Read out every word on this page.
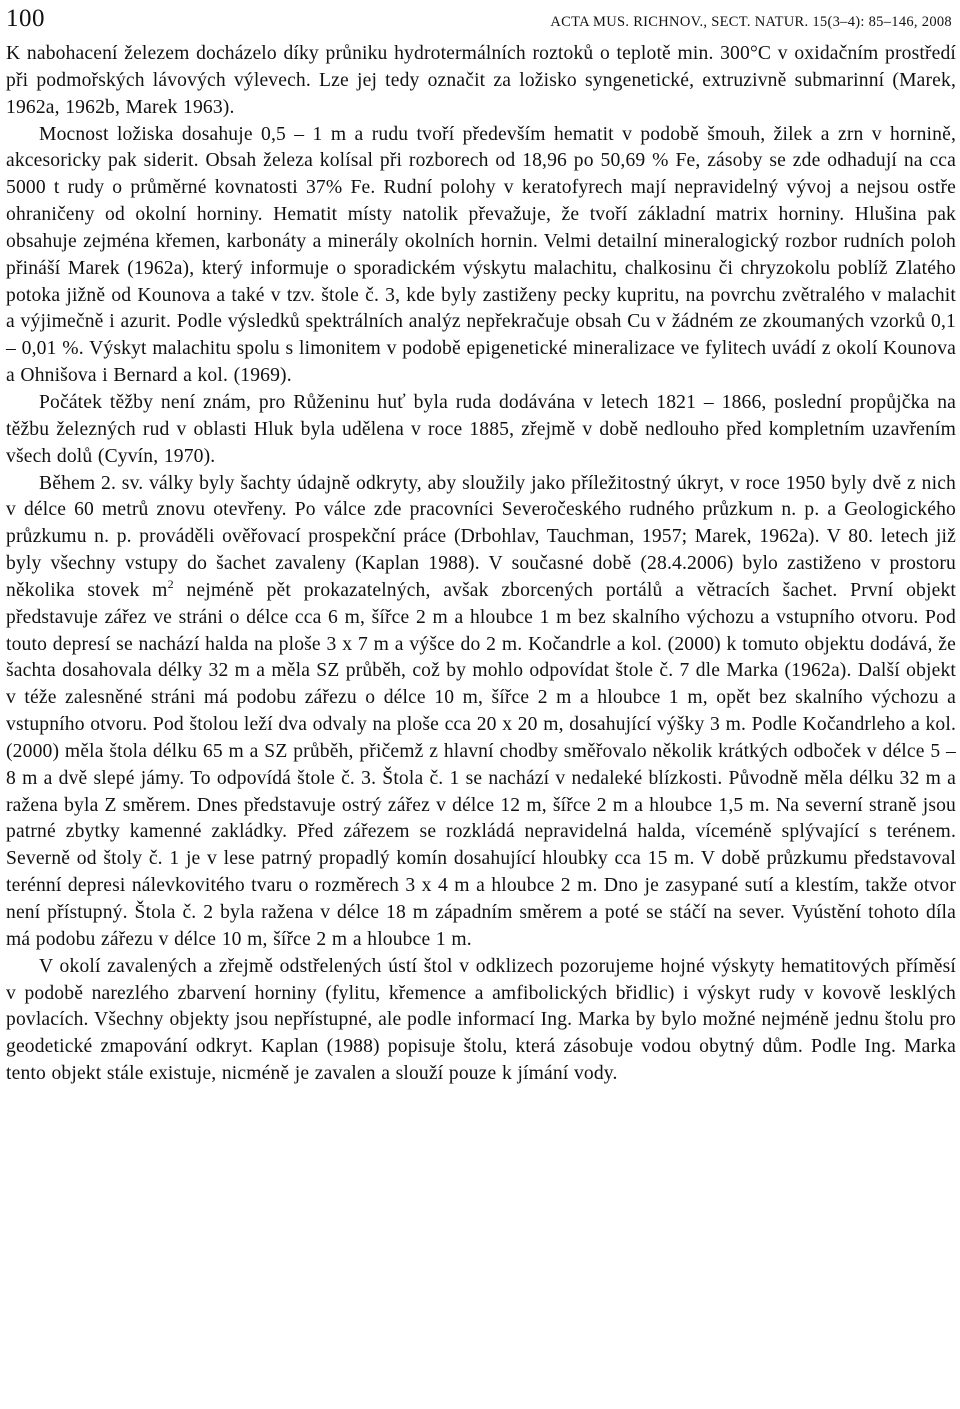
100	ACTA MUS. RICHNOV., SECT. NATUR. 15(3–4): 85–146, 2008

K nabohacení železem docházelo díky průniku hydrotermálních roztoků o teplotě min. 300°C v oxidačním prostředí při podmořských lávových výlevech. Lze jej tedy označit za ložisko syngenetické, extruzivně submarinní (Marek, 1962a, 1962b, Marek 1963).

Mocnost ložiska dosahuje 0,5 – 1 m a rudu tvoří především hematit v podobě šmouh, žilek a zrn v hornině, akcesoricky pak siderit. Obsah železa kolísal při rozborech od 18,96 po 50,69 % Fe, zásoby se zde odhadují na cca 5000 t rudy o průměrné kovnatosti 37% Fe. Rudní polohy v keratofyrech mají nepravidelný vývoj a nejsou ostře ohraničeny od okolní horniny. Hematit místy natolik převažuje, že tvoří základní matrix horniny. Hlušina pak obsahuje zejména křemen, karbonáty a minerály okolních hornin. Velmi detailní mineralogický rozbor rudních poloh přináší Marek (1962a), který informuje o sporadickém výskytu malachitu, chalkosinu či chryzokolu poblíž Zlatého potoka jižně od Kounova a také v tzv. štole č. 3, kde byly zastiženy pecky kupritu, na povrchu zvětralého v malachit a výjimečně i azurit. Podle výsledků spektrálních analýz nepřekračuje obsah Cu v žádném ze zkoumaných vzorků 0,1 – 0,01 %. Výskyt malachitu spolu s limonitem v podobě epigenetické mineralizace ve fylitech uvádí z okolí Kounova a Ohnišova i Bernard a kol. (1969).

Počátek těžby není znám, pro Růženinu huť byla ruda dodávána v letech 1821 – 1866, poslední propůjčka na těžbu železných rud v oblasti Hluk byla udělena v roce 1885, zřejmě v době nedlouho před kompletním uzavřením všech dolů (Cyvín, 1970).

Během 2. sv. války byly šachty údajně odkryty, aby sloužily jako příležitostný úkryt, v roce 1950 byly dvě z nich v délce 60 metrů znovu otevřeny. Po válce zde pracovníci Severočeského rudného průzkum n. p. a Geologického průzkumu n. p. prováděli ověřovací prospekční práce (Drbohlav, Tauchman, 1957; Marek, 1962a). V 80. letech již byly všechny vstupy do šachet zavaleny (Kaplan 1988). V současné době (28.4.2006) bylo zastiženo v prostoru několika stovek $m^2$ nejméně pět prokazatelných, avšak zborcených portálů a větracích šachet. První objekt představuje zářez ve stráni o délce cca 6 m, šířce 2 m a hloubce 1 m bez skalního výchozu a vstupního otvoru. Pod touto depresí se nachází halda na ploše 3 x 7 m a výšce do 2 m. Kočandrle a kol. (2000) k tomuto objektu dodává, že šachta dosahovala délky 32 m a měla SZ průběh, což by mohlo odpovídat štole č. 7 dle Marka (1962a). Další objekt v téže zalesněné stráni má podobu zářezu o délce 10 m, šířce 2 m a hloubce 1 m, opět bez skalního výchozu a vstupního otvoru. Pod štolou leží dva odvaly na ploše cca 20 x 20 m, dosahující výšky 3 m. Podle Kočandrleho a kol. (2000) měla štola délku 65 m a SZ průběh, přičemž z hlavní chodby směřovalo několik krátkých odboček v délce 5 – 8 m a dvě slepé jámy. To odpovídá štole č. 3. Štola č. 1 se nachází v nedaleké blízkosti. Původně měla délku 32 m a ražena byla Z směrem. Dnes představuje ostrý zářez v délce 12 m, šířce 2 m a hloubce 1,5 m. Na severní straně jsou patrné zbytky kamenné zakládky. Před zářezem se rozkládá nepravidelná halda, víceméně splývající s terénem. Severně od štoly č. 1 je v lese patrný propadlý komín dosahující hloubky cca 15 m. V době průzkumu představoval terénní depresi nálevkovitého tvaru o rozměrech 3 x 4 m a hloubce 2 m. Dno je zasypané sutí a klestím, takže otvor není přístupný. Štola č. 2 byla ražena v délce 18 m západním směrem a poté se stáčí na sever. Vyústění tohoto díla má podobu zářezu v délce 10 m, šířce 2 m a hloubce 1 m.

V okolí zavalených a zřejmě odstřelených ústí štol v odklizech pozorujeme hojné výskyty hematitových příměsí v podobě narezlého zbarvení horniny (fylitu, křemence a amfibolických břidlic) i výskyt rudy v kovově lesklých povlacích. Všechny objekty jsou nepřístupné, ale podle informací Ing. Marka by bylo možné nejméně jednu štolu pro geodetické zmapování odkryt. Kaplan (1988) popisuje štolu, která zásobuje vodou obytný dům. Podle Ing. Marka tento objekt stále existuje, nicméně je zavalen a slouží pouze k jímání vody.
